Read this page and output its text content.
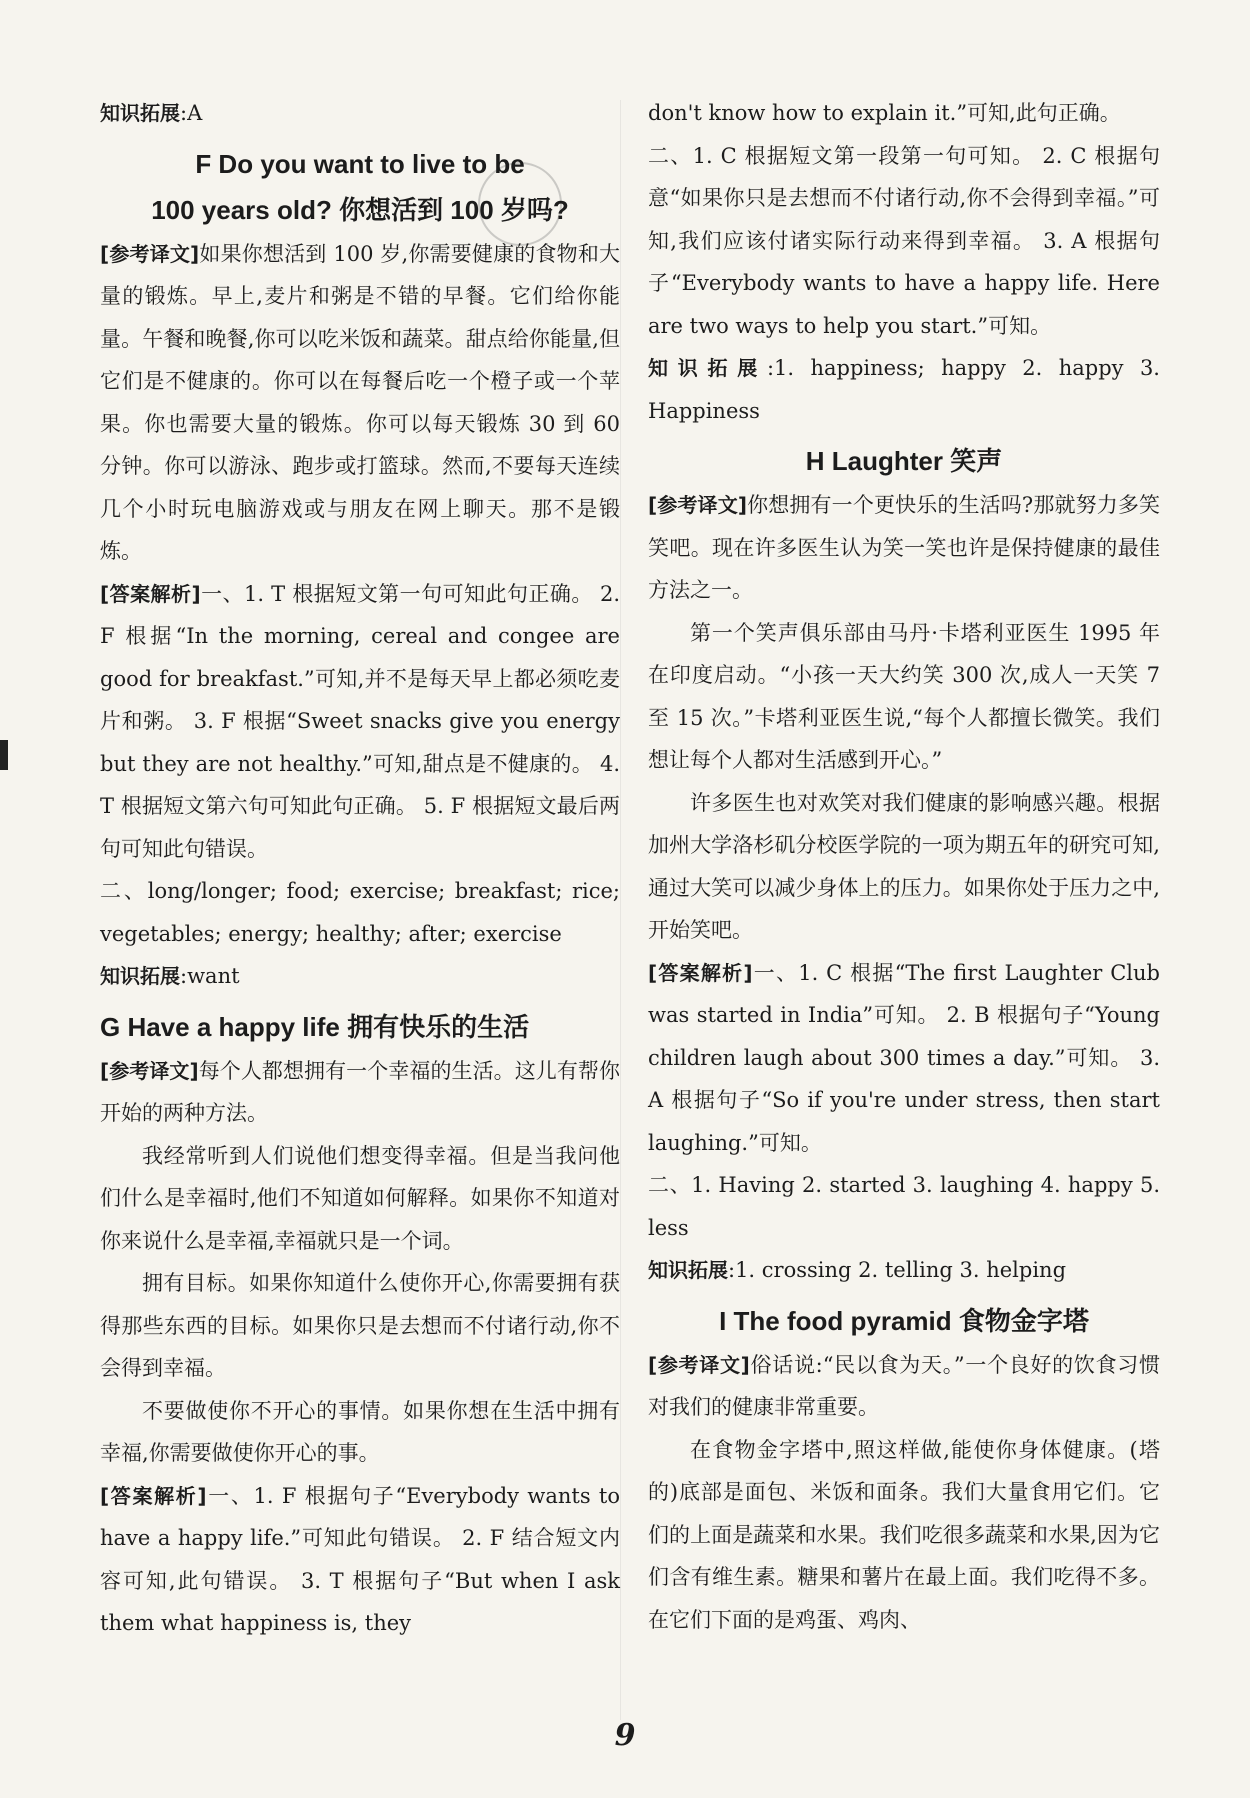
知识拓展:A

F Do you want to live to be
100 years old? 你想活到 100 岁吗?

[参考译文]如果你想活到 100 岁,你需要健康的食物和大量的锻炼。早上,麦片和粥是不错的早餐。它们给你能量。午餐和晚餐,你可以吃米饭和蔬菜。甜点给你能量,但它们是不健康的。你可以在每餐后吃一个橙子或一个苹果。你也需要大量的锻炼。你可以每天锻炼 30 到 60 分钟。你可以游泳、跑步或打篮球。然而,不要每天连续几个小时玩电脑游戏或与朋友在网上聊天。那不是锻炼。

[答案解析]一、1. T 根据短文第一句可知此句正确。 2. F 根据“In the morning, cereal and congee are good for breakfast.”可知,并不是每天早上都必须吃麦片和粥。 3. F 根据“Sweet snacks give you energy but they are not healthy.”可知,甜点是不健康的。 4. T 根据短文第六句可知此句正确。 5. F 根据短文最后两句可知此句错误。

二、long/longer; food; exercise; breakfast; rice; vegetables; energy; healthy; after; exercise

知识拓展:want

G Have a happy life 拥有快乐的生活

[参考译文]每个人都想拥有一个幸福的生活。这儿有帮你开始的两种方法。

我经常听到人们说他们想变得幸福。但是当我问他们什么是幸福时,他们不知道如何解释。如果你不知道对你来说什么是幸福,幸福就只是一个词。

拥有目标。如果你知道什么使你开心,你需要拥有获得那些东西的目标。如果你只是去想而不付诸行动,你不会得到幸福。

不要做使你不开心的事情。如果你想在生活中拥有幸福,你需要做使你开心的事。

[答案解析]一、1. F 根据句子“Everybody wants to have a happy life.”可知此句错误。 2. F 结合短文内容可知,此句错误。 3. T 根据句子“But when I ask them what happiness is, they

don't know how to explain it.”可知,此句正确。

二、1. C 根据短文第一段第一句可知。 2. C 根据句意“如果你只是去想而不付诸行动,你不会得到幸福。”可知,我们应该付诸实际行动来得到幸福。 3. A 根据句子“Everybody wants to have a happy life. Here are two ways to help you start.”可知。

知识拓展:1. happiness; happy 2. happy 3. Happiness

H Laughter 笑声

[参考译文]你想拥有一个更快乐的生活吗?那就努力多笑笑吧。现在许多医生认为笑一笑也许是保持健康的最佳方法之一。

第一个笑声俱乐部由马丹·卡塔利亚医生 1995 年在印度启动。“小孩一天大约笑 300 次,成人一天笑 7 至 15 次。”卡塔利亚医生说,“每个人都擅长微笑。我们想让每个人都对生活感到开心。”

许多医生也对欢笑对我们健康的影响感兴趣。根据加州大学洛杉矶分校医学院的一项为期五年的研究可知,通过大笑可以减少身体上的压力。如果你处于压力之中,开始笑吧。

[答案解析]一、1. C 根据“The first Laughter Club was started in India”可知。 2. B 根据句子“Young children laugh about 300 times a day.”可知。 3. A 根据句子“So if you're under stress, then start laughing.”可知。

二、1. Having 2. started 3. laughing 4. happy 5. less

知识拓展:1. crossing 2. telling 3. helping

I The food pyramid 食物金字塔

[参考译文]俗话说:“民以食为天。”一个良好的饮食习惯对我们的健康非常重要。

在食物金字塔中,照这样做,能使你身体健康。(塔的)底部是面包、米饭和面条。我们大量食用它们。它们的上面是蔬菜和水果。我们吃很多蔬菜和水果,因为它们含有维生素。糖果和薯片在最上面。我们吃得不多。在它们下面的是鸡蛋、鸡肉、

9
